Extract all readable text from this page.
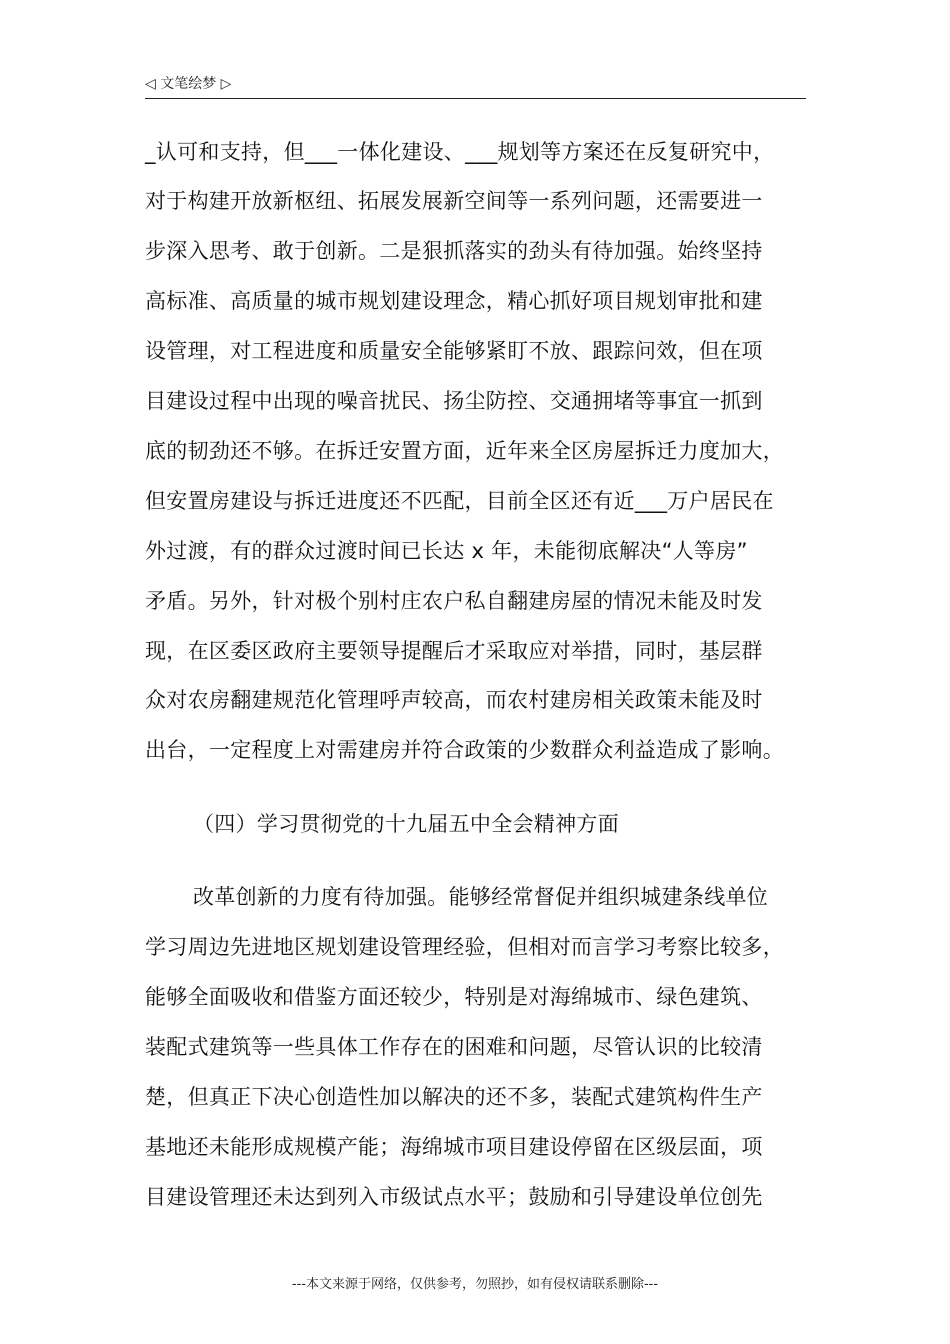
◁ 文笔绘梦 ▷
_认可和支持，但___一体化建设、___规划等方案还在反复研究中，
对于构建开放新枢纽、拓展发展新空间等一系列问题，还需要进一
步深入思考、敢于创新。二是狠抓落实的劲头有待加强。始终坚持
高标准、高质量的城市规划建设理念，精心抓好项目规划审批和建
设管理，对工程进度和质量安全能够紧盯不放、跟踪问效，但在项
目建设过程中出现的噪音扰民、扬尘防控、交通拥堵等事宜一抓到
底的韧劲还不够。在拆迁安置方面，近年来全区房屋拆迁力度加大，
但安置房建设与拆迁进度还不匹配，目前全区还有近___万户居民在
外过渡，有的群众过渡时间已长达 x 年，未能彻底解决“人等房”
矛盾。另外，针对极个别村庄农户私自翻建房屋的情况未能及时发
现，在区委区政府主要领导提醒后才采取应对举措，同时，基层群
众对农房翻建规范化管理呼声较高，而农村建房相关政策未能及时
出台，一定程度上对需建房并符合政策的少数群众利益造成了影响。
（四）学习贯彻党的十九届五中全会精神方面
改革创新的力度有待加强。能够经常督促并组织城建条线单位
学习周边先进地区规划建设管理经验，但相对而言学习考察比较多，
能够全面吸收和借鉴方面还较少，特别是对海绵城市、绿色建筑、
装配式建筑等一些具体工作存在的困难和问题，尽管认识的比较清
楚，但真正下决心创造性加以解决的还不多，装配式建筑构件生产
基地还未能形成规模产能；海绵城市项目建设停留在区级层面，项
目建设管理还未达到列入市级试点水平；鼓励和引导建设单位创先
---本文来源于网络，仅供参考，勿照抄，如有侵权请联系删除---
